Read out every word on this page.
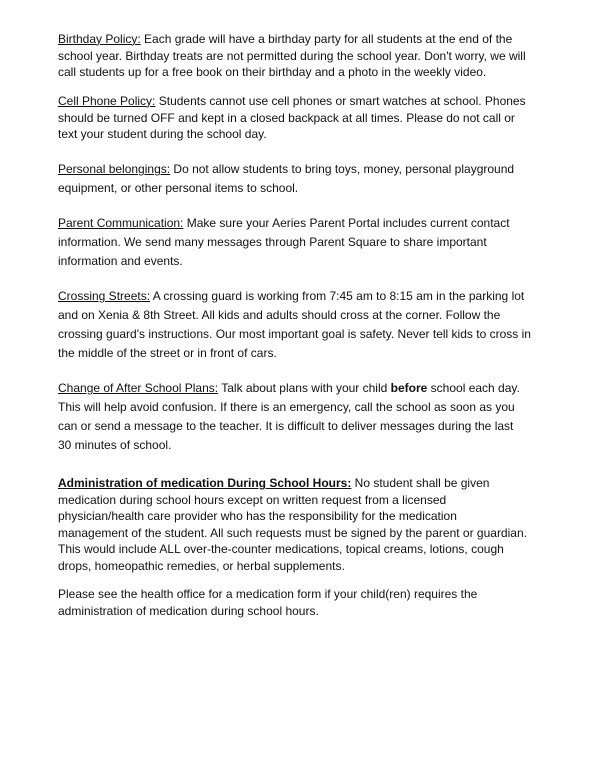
Birthday Policy: Each grade will have a birthday party for all students at the end of the school year. Birthday treats are not permitted during the school year. Don't worry, we will call students up for a free book on their birthday and a photo in the weekly video.

Cell Phone Policy: Students cannot use cell phones or smart watches at school. Phones should be turned OFF and kept in a closed backpack at all times. Please do not call or text your student during the school day.

Personal belongings: Do not allow students to bring toys, money, personal playground equipment, or other personal items to school.

Parent Communication: Make sure your Aeries Parent Portal includes current contact information. We send many messages through Parent Square to share important information and events.

Crossing Streets: A crossing guard is working from 7:45 am to 8:15 am in the parking lot and on Xenia & 8th Street. All kids and adults should cross at the corner. Follow the crossing guard's instructions. Our most important goal is safety. Never tell kids to cross in the middle of the street or in front of cars.

Change of After School Plans: Talk about plans with your child before school each day. This will help avoid confusion. If there is an emergency, call the school as soon as you can or send a message to the teacher. It is difficult to deliver messages during the last 30 minutes of school.

Administration of medication During School Hours: No student shall be given medication during school hours except on written request from a licensed physician/health care provider who has the responsibility for the medication management of the student. All such requests must be signed by the parent or guardian. This would include ALL over-the-counter medications, topical creams, lotions, cough drops, homeopathic remedies, or herbal supplements.

Please see the health office for a medication form if your child(ren) requires the administration of medication during school hours.
